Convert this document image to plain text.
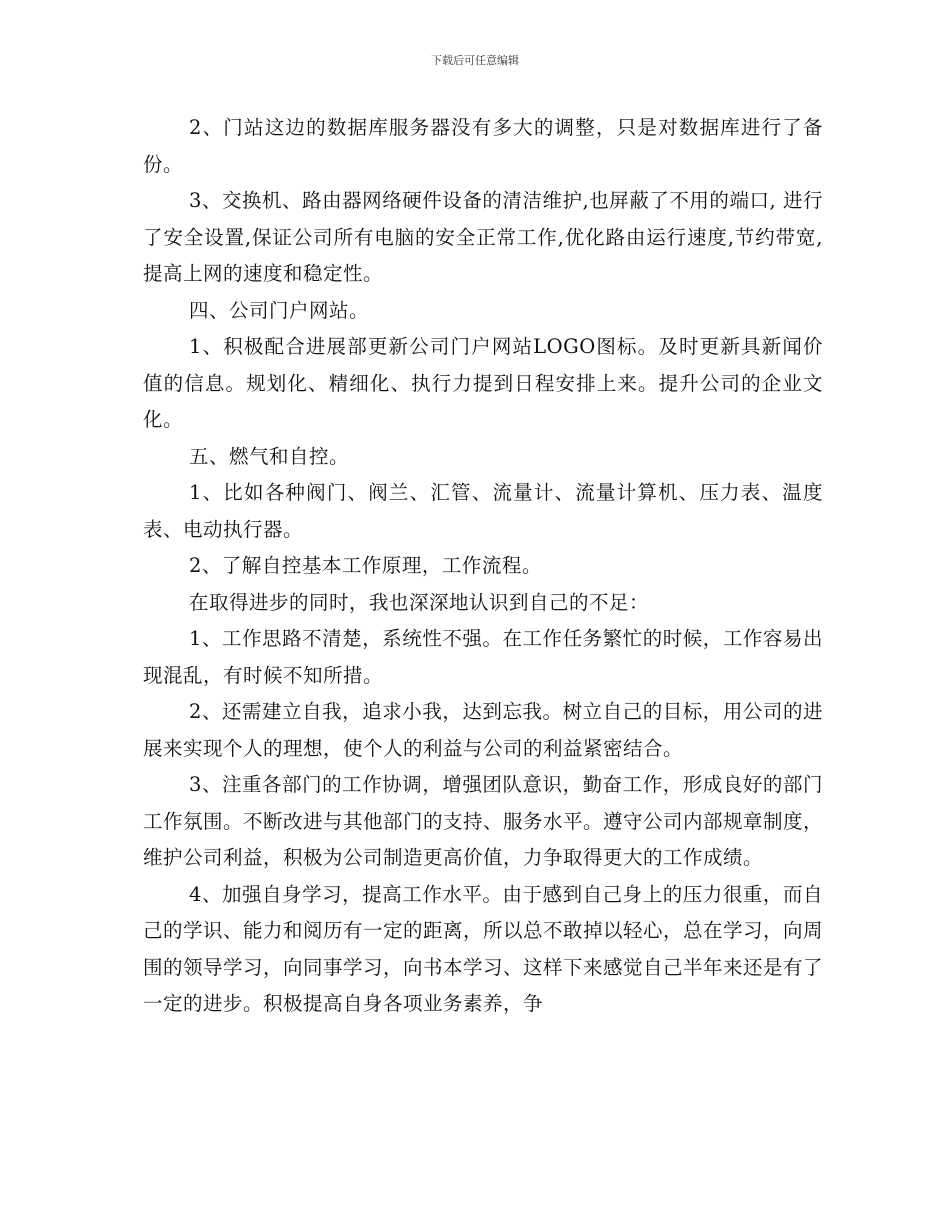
下载后可任意编辑

2、门站这边的数据库服务器没有多大的调整，只是对数据库进行了备份。

3、交换机、路由器网络硬件设备的清洁维护,也屏蔽了不用的端口, 进行了安全设置,保证公司所有电脑的安全正常工作,优化路由运行速度,节约带宽,提高上网的速度和稳定性。

四、公司门户网站。

1、积极配合进展部更新公司门户网站LOGO图标。及时更新具新闻价值的信息。规划化、精细化、执行力提到日程安排上来。提升公司的企业文化。

五、燃气和自控。

1、比如各种阀门、阀兰、汇管、流量计、流量计算机、压力表、温度表、电动执行器。

2、了解自控基本工作原理，工作流程。

在取得进步的同时，我也深深地认识到自己的不足：

1、工作思路不清楚，系统性不强。在工作任务繁忙的时候，工作容易出现混乱，有时候不知所措。

2、还需建立自我，追求小我，达到忘我。树立自己的目标，用公司的进展来实现个人的理想，使个人的利益与公司的利益紧密结合。

3、注重各部门的工作协调，增强团队意识，勤奋工作，形成良好的部门工作氛围。不断改进与其他部门的支持、服务水平。遵守公司内部规章制度，维护公司利益，积极为公司制造更高价值，力争取得更大的工作成绩。

4、加强自身学习，提高工作水平。由于感到自己身上的压力很重，而自己的学识、能力和阅历有一定的距离，所以总不敢掉以轻心，总在学习，向周围的领导学习，向同事学习，向书本学习、这样下来感觉自己半年来还是有了一定的进步。积极提高自身各项业务素养，争
